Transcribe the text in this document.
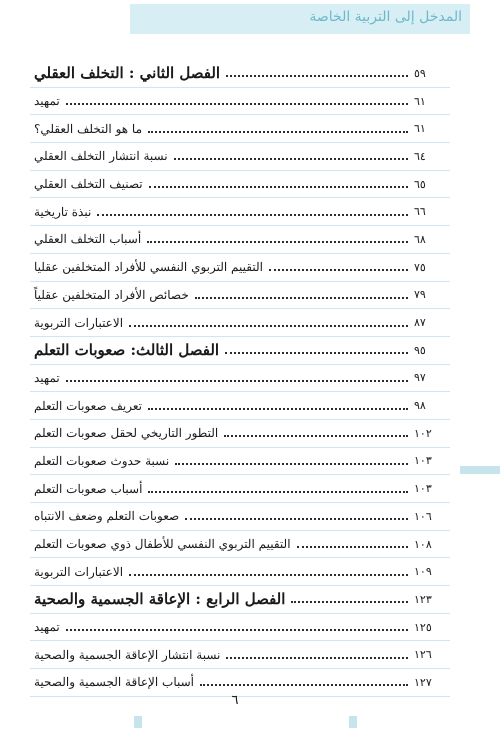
المدخل إلى التربية الخاصة
الفصل الثاني : التخلف العقلي	٥٩
تمهيد	٦١
ما هو التخلف العقلي؟	٦١
نسبة انتشار التخلف العقلي	٦٤
تصنيف التخلف العقلي	٦٥
نبذة تاريخية	٦٦
أسباب التخلف العقلي	٦٨
التقييم التربوي النفسي للأفراد المتخلفين عقليا	٧٥
خصائص الأفراد المتخلفين عقلياً	٧٩
الاعتبارات التربوية	٨٧
الفصل الثالث: صعوبات التعلم	٩٥
تمهيد	٩٧
تعريف صعوبات التعلم	٩٨
التطور التاريخي لحقل صعوبات التعلم	١٠٢
نسبة حدوث صعوبات التعلم	١٠٣
أسباب صعوبات التعلم	١٠٣
صعوبات التعلم وضعف الانتباه	١٠٦
التقييم التربوي النفسي للأطفال ذوي صعوبات التعلم	١٠٨
الاعتبارات التربوية	١٠٩
الفصل الرابع : الإعاقة الجسمية والصحية	١٢٣
تمهيد	١٢٥
نسبة انتشار الإعاقة الجسمية والصحية	١٢٦
أسباب الإعاقة الجسمية والصحية	١٢٧
٦
